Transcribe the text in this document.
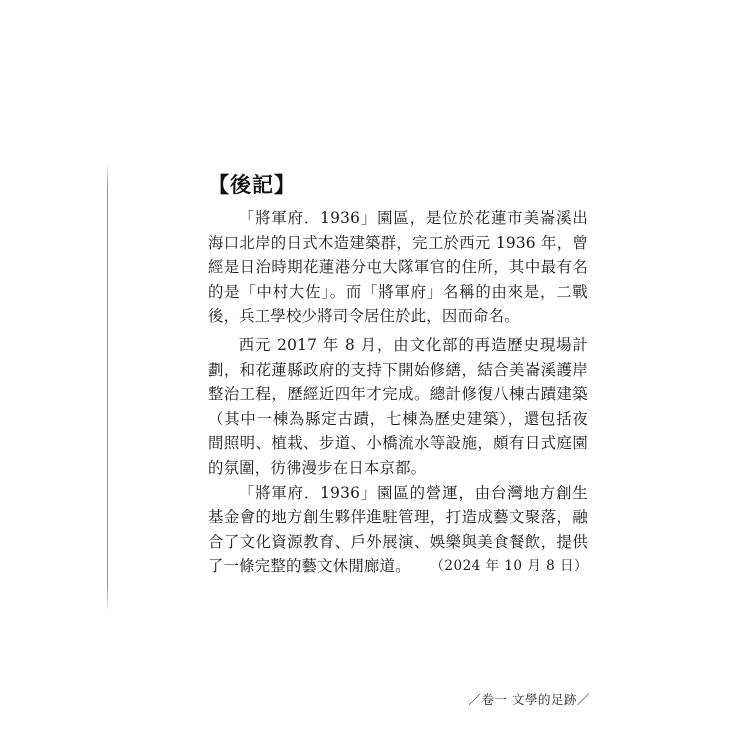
【後記】

「將軍府．1936」園區，是位於花蓮市美崙溪出海口北岸的日式木造建築群，完工於西元 1936 年，曾經是日治時期花蓮港分屯大隊軍官的住所，其中最有名的是「中村大佐」。而「將軍府」名稱的由來是，二戰後，兵工學校少將司令居住於此，因而命名。

西元 2017 年 8 月，由文化部的再造歷史現場計劃，和花蓮縣政府的支持下開始修繕，結合美崙溪護岸整治工程，歷經近四年才完成。總計修復八棟古蹟建築（其中一棟為縣定古蹟，七棟為歷史建築），還包括夜間照明、植栽、步道、小橋流水等設施，頗有日式庭園的氛圍，彷彿漫步在日本京都。

「將軍府．1936」園區的營運，由台灣地方創生基金會的地方創生夥伴進駐管理，打造成藝文聚落，融合了文化資源教育、戶外展演、娛樂與美食餐飲，提供了一條完整的藝文休閒廊道。	（2024 年 10 月 8 日）
／卷一 文學的足跡／
